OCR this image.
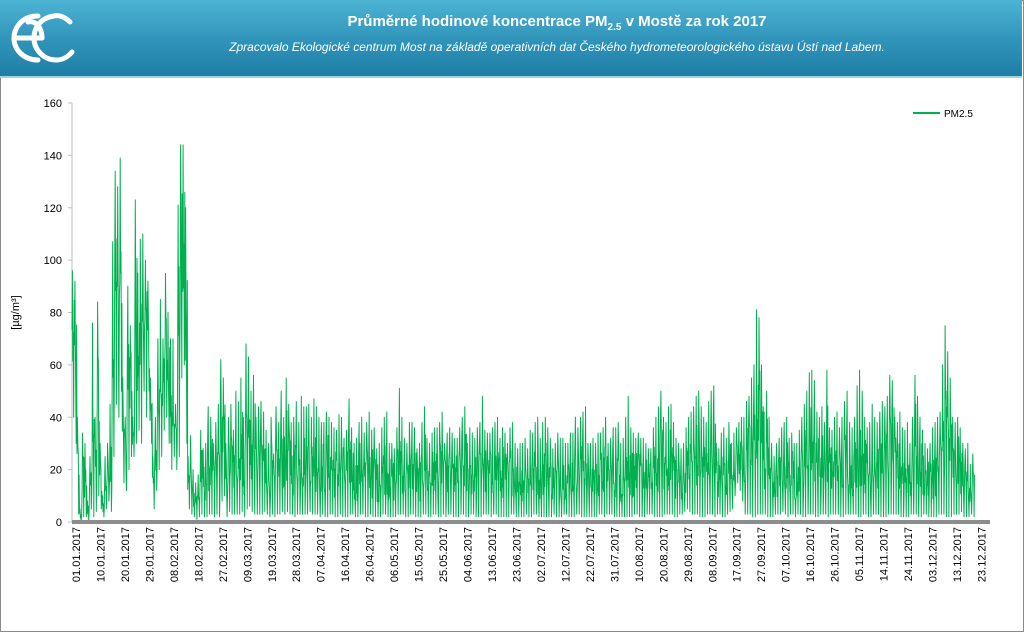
Průměrné hodinové koncentrace $PM_{2.5}$ v Mostě za rok 2017
Zpracovalo Ekologické centrum Most na základě operativních dat Českého hydrometeorologického ústavu Ústí nad Labem.
0
20
40
60
80
100
120
140
160
[µg/m³]
01.01.2017 10.01.2017 20.01.2017 29.01.2017 08.02.2017 18.02.2017 27.02.2017 09.03.2017 19.03.2017 28.03.2017 07.04.2017 16.04.2017 26.04.2017 06.05.2017 15.05.2017 25.05.2017 04.06.2017 13.06.2017 23.06.2017 02.07.2017 12.07.2017 22.07.2017 31.07.2017 10.08.2017 20.08.2017 29.08.2017 08.09.2017 17.09.2017 27.09.2017 07.10.2017 16.10.2017 26.10.2017 05.11.2017 14.11.2017 24.11.2017 03.12.2017 13.12.2017 23.12.2017
PM2.5
